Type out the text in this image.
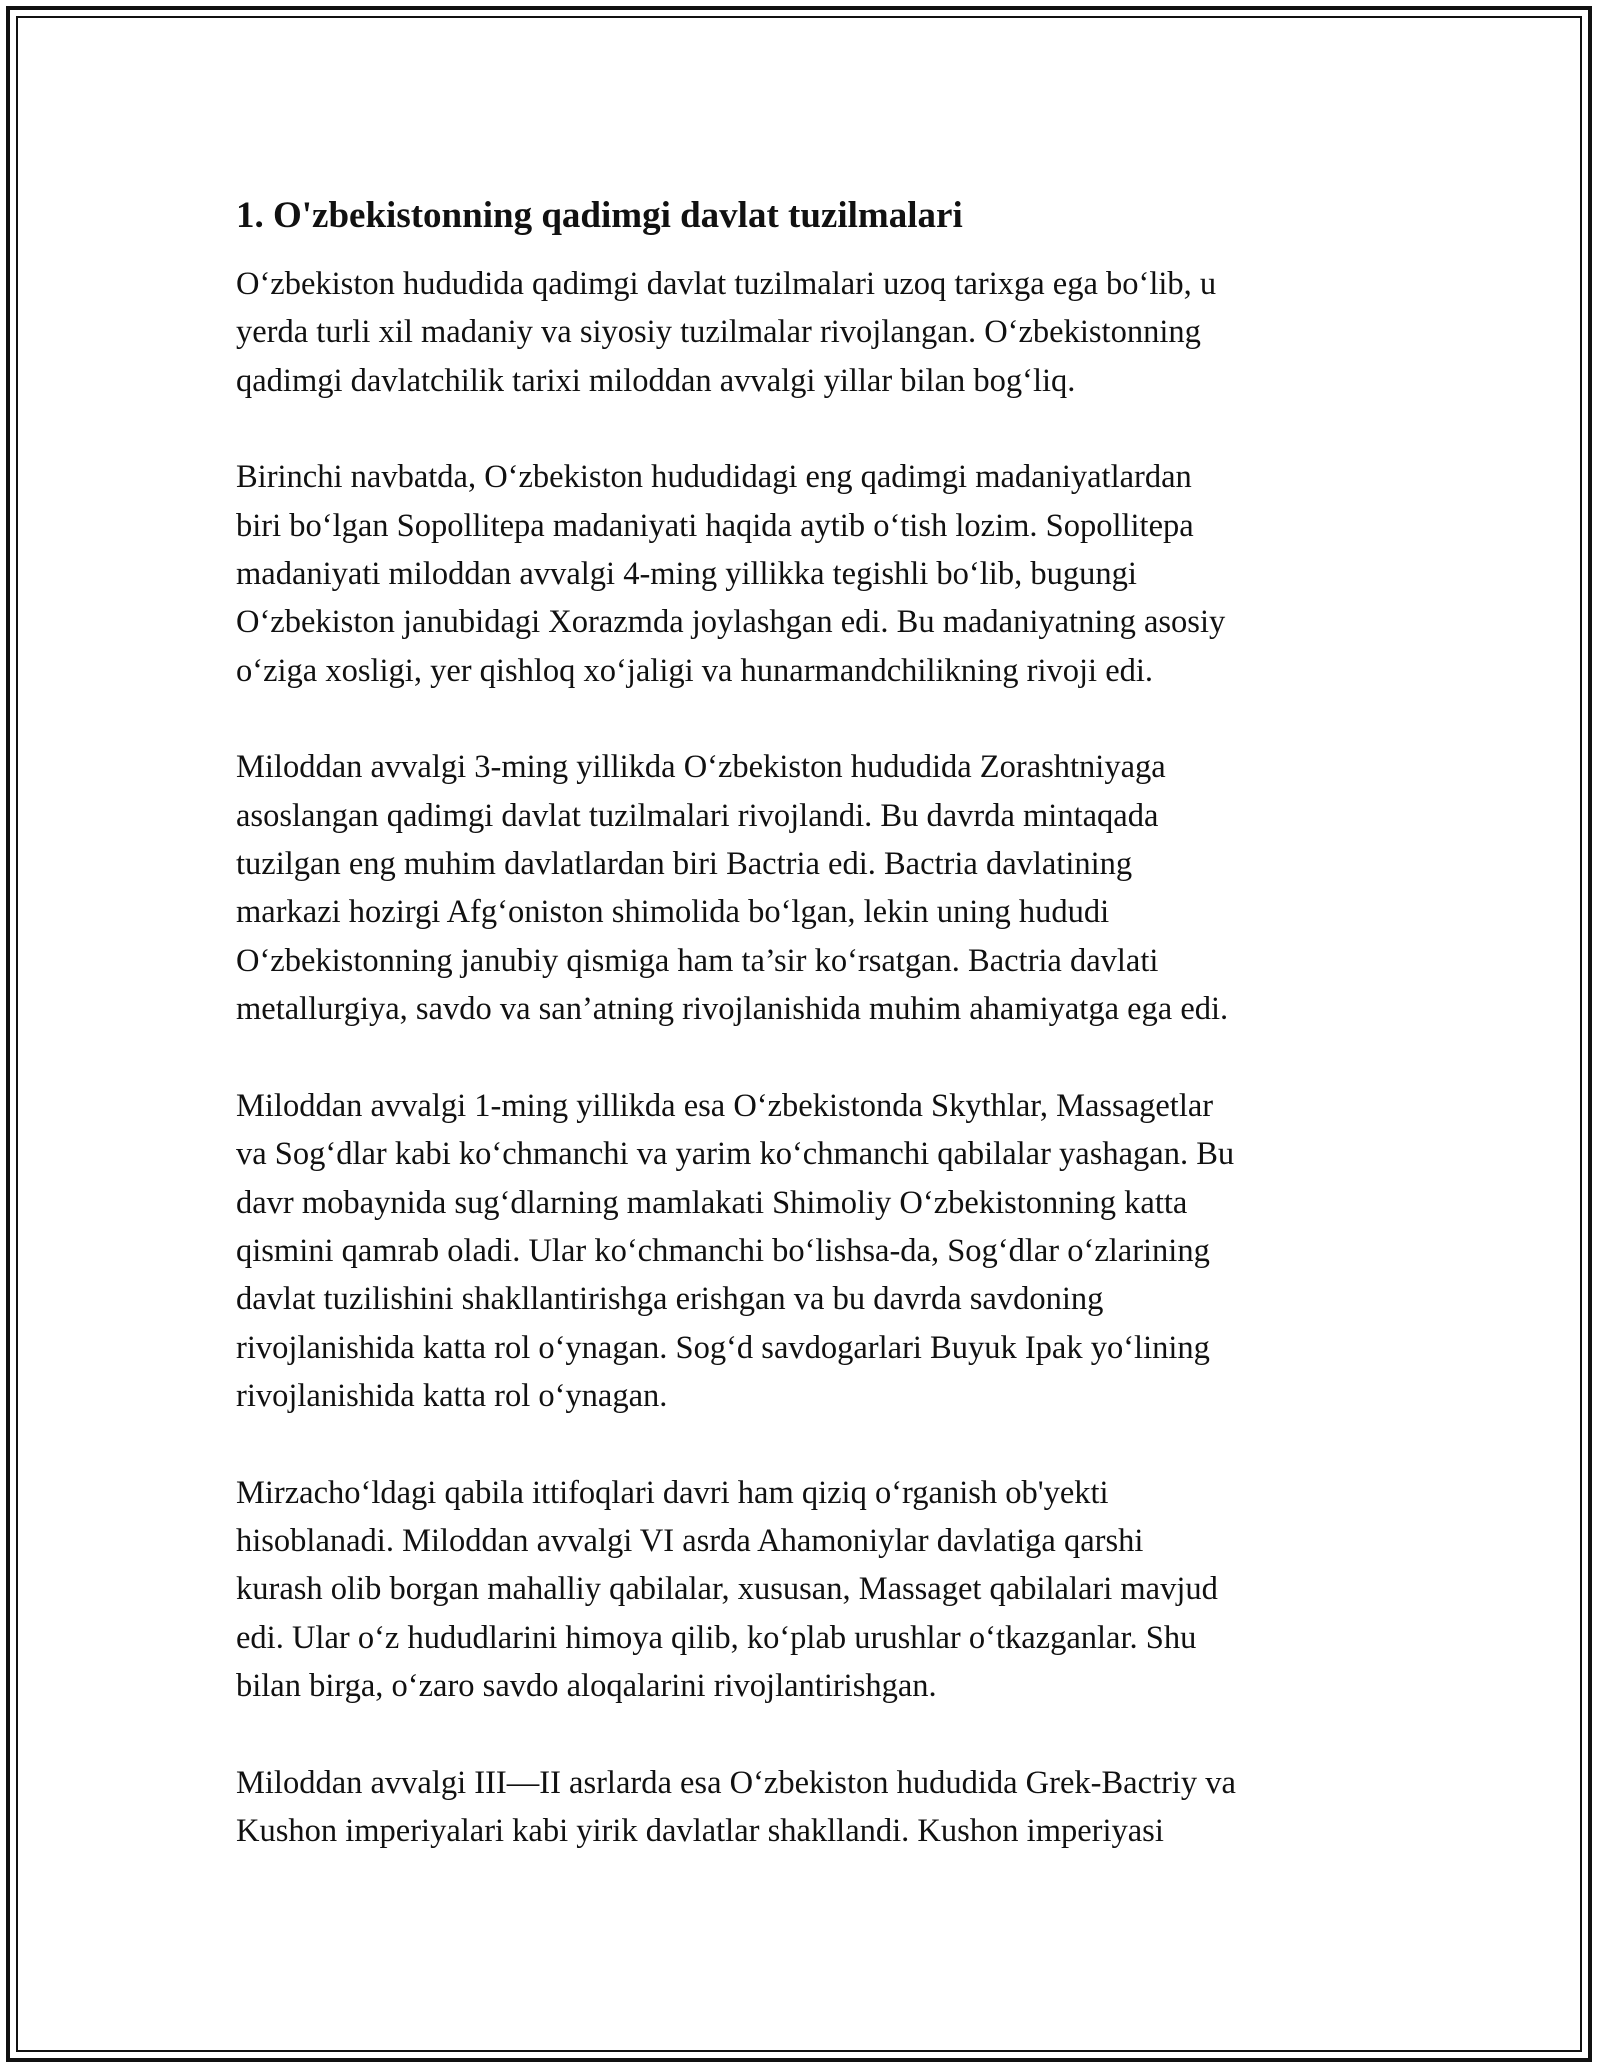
1. O'zbekistonning qadimgi davlat tuzilmalari

O‘zbekiston hududida qadimgi davlat tuzilmalari uzoq tarixga ega bo‘lib, u
yerda turli xil madaniy va siyosiy tuzilmalar rivojlangan. O‘zbekistonning
qadimgi davlatchilik tarixi miloddan avvalgi yillar bilan bog‘liq.

Birinchi navbatda, O‘zbekiston hududidagi eng qadimgi madaniyatlardan
biri bo‘lgan Sopollitepa madaniyati haqida aytib o‘tish lozim. Sopollitepa
madaniyati miloddan avvalgi 4-ming yillikka tegishli bo‘lib, bugungi
O‘zbekiston janubidagi Xorazmda joylashgan edi. Bu madaniyatning asosiy
o‘ziga xosligi, yer qishloq xo‘jaligi va hunarmandchilikning rivoji edi.

Miloddan avvalgi 3-ming yillikda O‘zbekiston hududida Zorashtniyaga
asoslangan qadimgi davlat tuzilmalari rivojlandi. Bu davrda mintaqada
tuzilgan eng muhim davlatlardan biri Bactria edi. Bactria davlatining
markazi hozirgi Afg‘oniston shimolida bo‘lgan, lekin uning hududi
O‘zbekistonning janubiy qismiga ham ta’sir ko‘rsatgan. Bactria davlati
metallurgiya, savdo va san’atning rivojlanishida muhim ahamiyatga ega edi.

Miloddan avvalgi 1-ming yillikda esa O‘zbekistonda Skythlar, Massagetlar
va Sog‘dlar kabi ko‘chmanchi va yarim ko‘chmanchi qabilalar yashagan. Bu
davr mobaynida sug‘dlarning mamlakati Shimoliy O‘zbekistonning katta
qismini qamrab oladi. Ular ko‘chmanchi bo‘lishsa-da, Sog‘dlar o‘zlarining
davlat tuzilishini shakllantirishga erishgan va bu davrda savdoning
rivojlanishida katta rol o‘ynagan. Sog‘d savdogarlari Buyuk Ipak yo‘lining
rivojlanishida katta rol o‘ynagan.

Mirzacho‘ldagi qabila ittifoqlari davri ham qiziq o‘rganish ob'yekti
hisoblanadi. Miloddan avvalgi VI asrda Ahamoniylar davlatiga qarshi
kurash olib borgan mahalliy qabilalar, xususan, Massaget qabilalari mavjud
edi. Ular o‘z hududlarini himoya qilib, ko‘plab urushlar o‘tkazganlar. Shu
bilan birga, o‘zaro savdo aloqalarini rivojlantirishgan.

Miloddan avvalgi III—II asrlarda esa O‘zbekiston hududida Grek-Bactriy va
Kushon imperiyalari kabi yirik davlatlar shakllandi. Kushon imperiyasi
